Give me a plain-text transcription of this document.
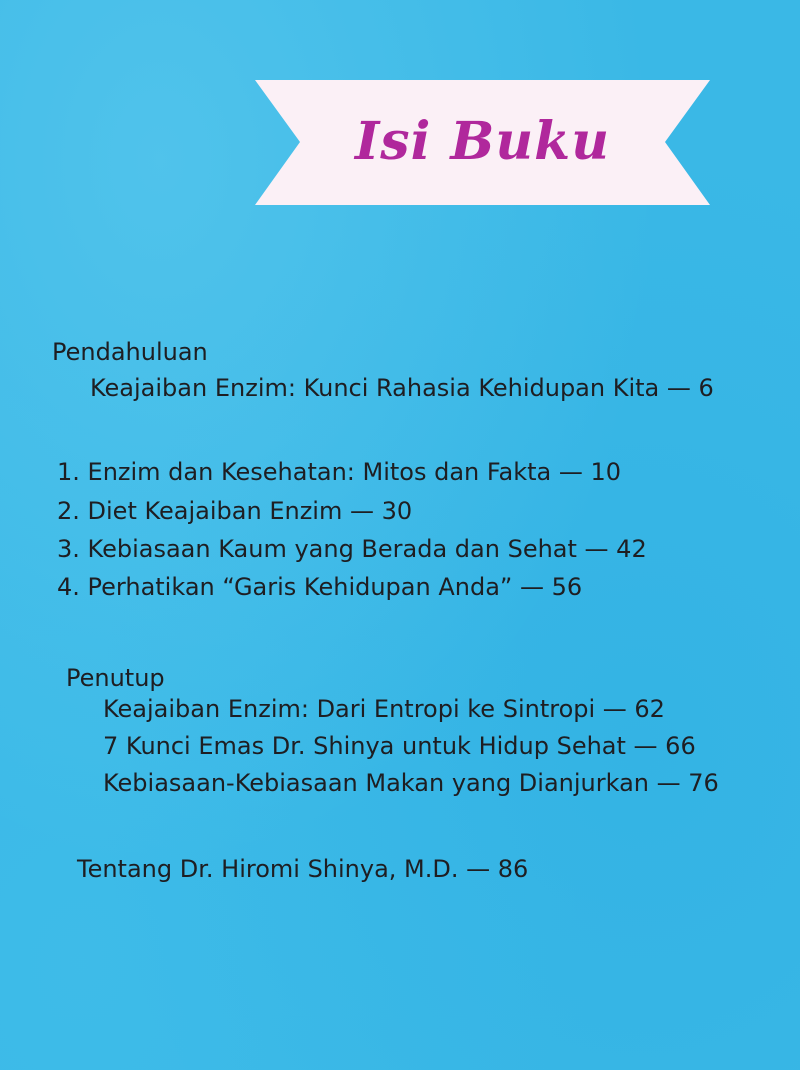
Isi Buku
Pendahuluan
Keajaiban Enzim: Kunci Rahasia Kehidupan Kita — 6
1. Enzim dan Kesehatan: Mitos dan Fakta — 10
2. Diet Keajaiban Enzim — 30
3. Kebiasaan Kaum yang Berada dan Sehat — 42
4. Perhatikan “Garis Kehidupan Anda” — 56
Penutup
Keajaiban Enzim: Dari Entropi ke Sintropi — 62
7 Kunci Emas Dr. Shinya untuk Hidup Sehat — 66
Kebiasaan-Kebiasaan Makan yang Dianjurkan — 76
Tentang Dr. Hiromi Shinya, M.D. — 86
